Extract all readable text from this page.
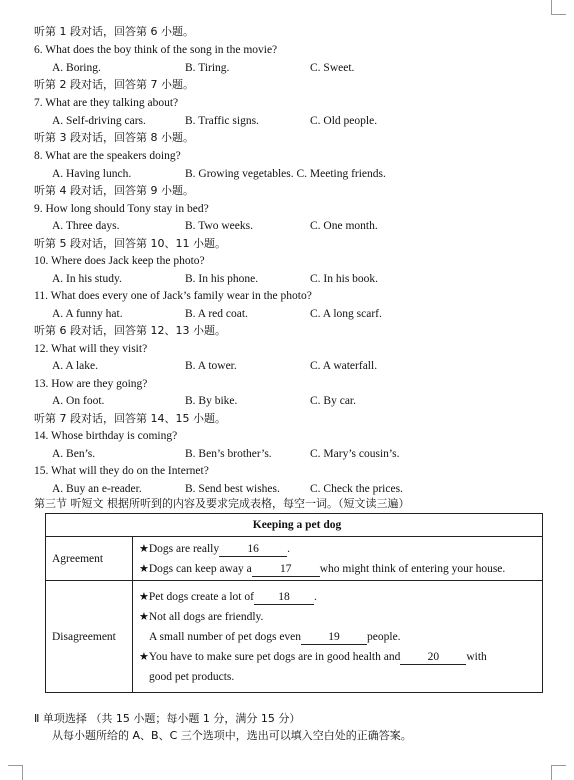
听第 1 段对话，回答第 6 小题。
6. What does the boy think of the song in the movie?
A. Boring.	B. Tiring.	C. Sweet.
听第 2 段对话，回答第 7 小题。
7. What are they talking about?
A. Self-driving cars.	B. Traffic signs.	C. Old people.
听第 3 段对话，回答第 8 小题。
8. What are the speakers doing?
A. Having lunch.	B. Growing vegetables. C. Meeting friends.
听第 4 段对话，回答第 9 小题。
9. How long should Tony stay in bed?
A. Three days.	B. Two weeks.	C. One month.
听第 5 段对话，回答第 10、11 小题。
10. Where does Jack keep the photo?
A. In his study.	B. In his phone.	C. In his book.
11. What does every one of Jack’s family wear in the photo?
A. A funny hat.	B. A red coat.	C. A long scarf.
听第 6 段对话，回答第 12、13 小题。
12. What will they visit?
A. A lake.	B. A tower.	C. A waterfall.
13. How are they going?
A. On foot.	B. By bike.	C. By car.
听第 7 段对话，回答第 14、15 小题。
14. Whose birthday is coming?
A. Ben’s.	B. Ben’s brother’s.	C. Mary’s cousin’s.
15. What will they do on the Internet?
A. Buy an e-reader.	B. Send best wishes.	C. Check the prices.
第三节 听短文 根据所听到的内容及要求完成表格，每空一词。（短文读三遍）
Keeping a pet dog	
Agreement	★Dogs are really 16 .
★Dogs can keep away a 17 who might think of entering your house.

Disagreement	★Pet dogs create a lot of 18 .
★Not all dogs are friendly.
A small number of pet dogs even 19 people.
★You have to make sure pet dogs are in good health and 20 with
good pet products.
Ⅱ 单项选择 （共 15 小题；每小题 1 分，满分 15 分）
从每小题所给的 A、B、C 三个选项中，选出可以填入空白处的正确答案。
